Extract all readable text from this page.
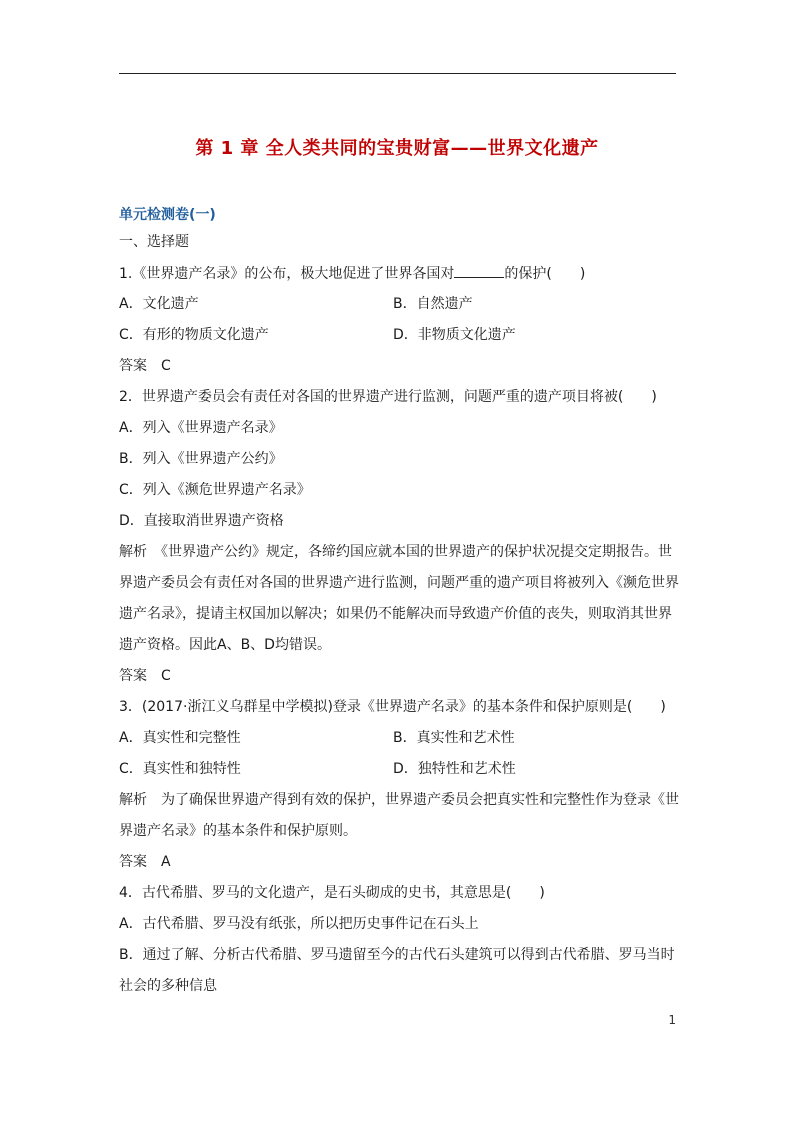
第 1 章 全人类共同的宝贵财富——世界文化遗产
单元检测卷(一)
一、选择题
1.《世界遗产名录》的公布，极大地促进了世界各国对	的保护(　　)
A．文化遗产	B．自然遗产
C．有形的物质文化遗产	D．非物质文化遗产
答案　C
2．世界遗产委员会有责任对各国的世界遗产进行监测，问题严重的遗产项目将被(　　)
A．列入《世界遗产名录》
B．列入《世界遗产公约》
C．列入《濒危世界遗产名录》
D．直接取消世界遗产资格
解析　《世界遗产公约》规定，各缔约国应就本国的世界遗产的保护状况提交定期报告。世界遗产委员会有责任对各国的世界遗产进行监测，问题严重的遗产项目将被列入《濒危世界遗产名录》，提请主权国加以解决；如果仍不能解决而导致遗产价值的丧失，则取消其世界遗产资格。因此A、B、D均错误。
答案　C
3．(2017·浙江义乌群星中学模拟)登录《世界遗产名录》的基本条件和保护原则是(　　)
A．真实性和完整性	B．真实性和艺术性
C．真实性和独特性	D．独特性和艺术性
解析　为了确保世界遗产得到有效的保护，世界遗产委员会把真实性和完整性作为登录《世界遗产名录》的基本条件和保护原则。
答案　A
4．古代希腊、罗马的文化遗产，是石头砌成的史书，其意思是(　　)
A．古代希腊、罗马没有纸张，所以把历史事件记在石头上
B．通过了解、分析古代希腊、罗马遗留至今的古代石头建筑可以得到古代希腊、罗马当时社会的多种信息
1
